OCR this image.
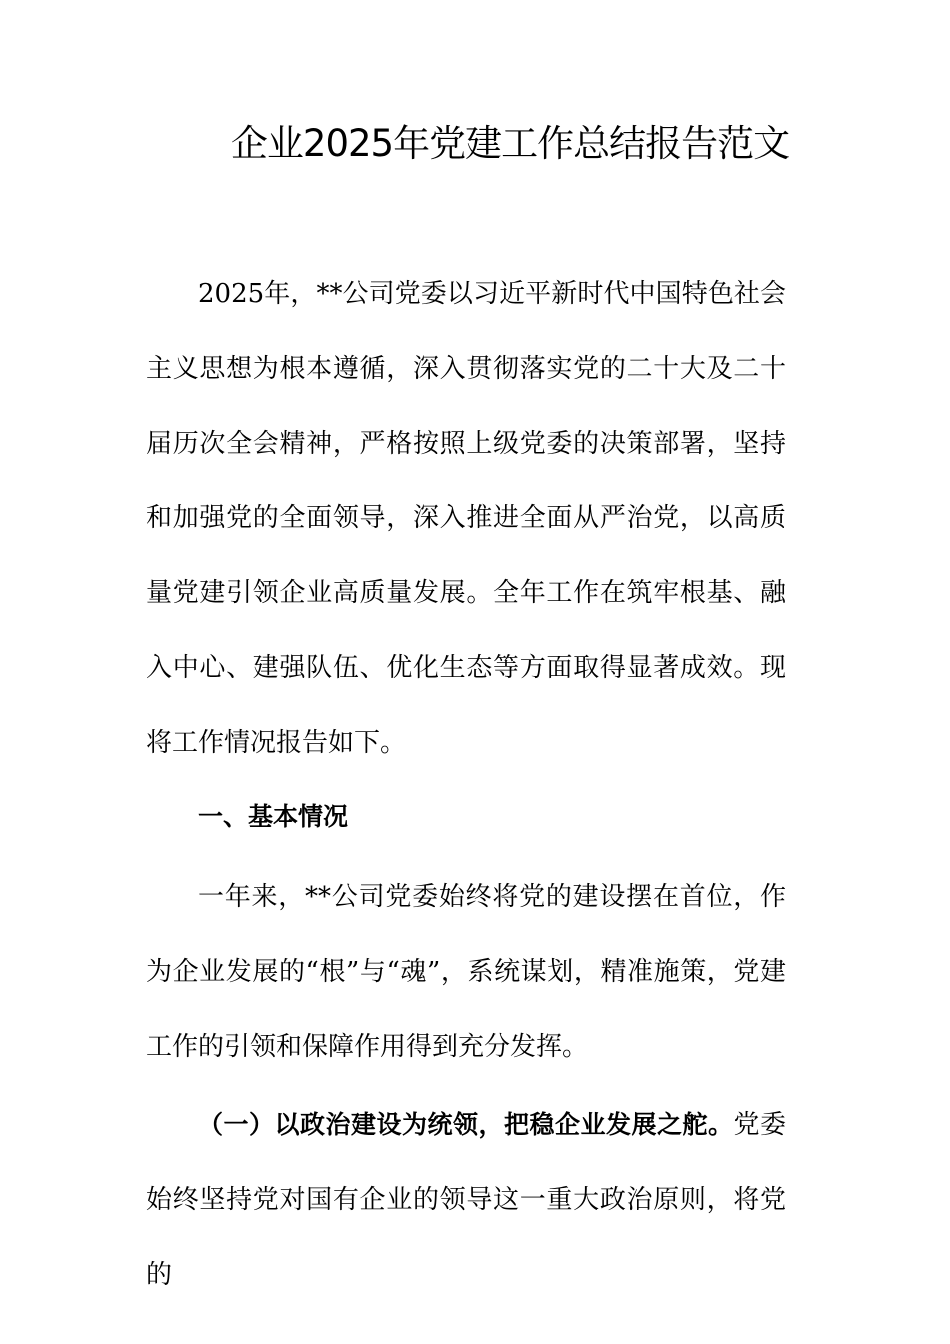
企业2025年党建工作总结报告范文

2025年，**公司党委以习近平新时代中国特色社会主义思想为根本遵循，深入贯彻落实党的二十大及二十届历次全会精神，严格按照上级党委的决策部署，坚持和加强党的全面领导，深入推进全面从严治党，以高质量党建引领企业高质量发展。全年工作在筑牢根基、融入中心、建强队伍、优化生态等方面取得显著成效。现将工作情况报告如下。

一、基本情况

一年来，**公司党委始终将党的建设摆在首位，作为企业发展的“根”与“魂”，系统谋划，精准施策，党建工作的引领和保障作用得到充分发挥。

（一）以政治建设为统领，把稳企业发展之舵。党委始终坚持党对国有企业的领导这一重大政治原则，将党的
